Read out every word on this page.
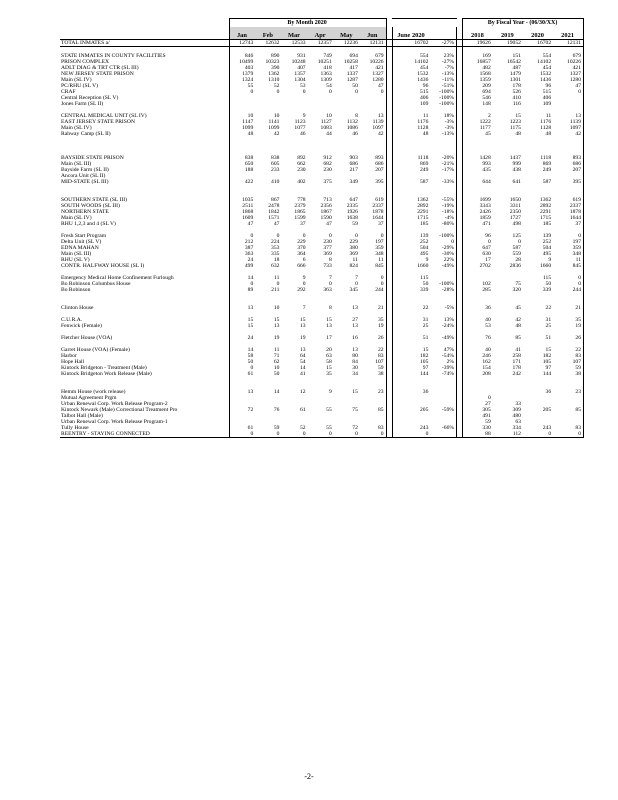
	By Month 2020										By Fiscal Year - (06/30/XX)			
	Jan	Feb	Mar	Apr	May	Jun		June 2020			2018	2019	2020	2021
TOTAL INMATES a/	12743	12632	12533	12357	12236	12131		16702	-27%		19626	19052	16702	12131

STATE INMATES IN COUNTY FACILITIES	846	890	931	749	694	679		554	23%		169	151	554	679
PRISON COMPLEX	10499	10323	10248	10251	10258	10226		14102	-27%		16857	16542	14102	10226
ADLT DIAG & TRT CTR (SL III)	403	390	407	418	417	421		454	-7%		482	487	454	421
NEW JERSEY STATE PRISON	1379	1362	1357	1363	1337	1327		1532	-13%		1568	1479	1532	1327
Main (SL IV)	1324	1310	1304	1309	1287	1280		1436	-11%		1359	1301	1436	1280
PC/RHU (SL V)	55	52	53	54	50	47		96	-51%		209	178	96	47
CRAF	0	0	0	0	0	0		515	-100%		694	526	515	0
Central Reception (SL V)								406	-100%		546	410	406	
Jones Farm (SL II)								109	-100%		148	116	109	

CENTRAL MEDICAL UNIT (SL IV)	10	10	9	10	8	13		11	18%		2	15	11	13
EAST JERSEY STATE PRISON	1147	1141	1123	1127	1132	1139		1176	-3%		1222	1223	1176	1139
Main (SL IV)	1099	1099	1077	1083	1086	1097		1128	-3%		1177	1175	1128	1097
Rahway Camp (SL II)	48	42	46	44	46	42		48	-13%		45	48	48	42

BAYSIDE STATE PRISON	838	838	892	912	903	893		1118	-20%		1428	1437	1118	893
Main (SL III)	650	605	662	682	686	686		869	-21%		993	999	869	686
Bayside Farm (SL II)	188	233	230	230	217	207		249	-17%		435	438	249	207
Ancora Unit (SL II)														
MID-STATE (SL III)	422	410	402	375	349	395		587	-33%		644	641	587	395

SOUTHERN STATE (SL III)	1035	867	778	713	647	619		1362	-55%		1699	1650	1362	619
SOUTH WOODS (SL III)	2511	2478	2379	2356	2335	2337		2892	-19%		3343	3311	2892	2337
NORTHERN STATE	1868	1842	1865	1867	1926	1878		2291	-18%		2426	2350	2291	1878
Main (SL IV)	1609	1571	1599	1590	1638	1644		1715	-4%		1859	1727	1715	1644
RHU 1,2,3 and 4 (SL V)	47	47	37	47	59	37		185	-80%		471	498	185	37

Fresh Start Program	0	0	0	0	0	0		139	-100%		96	125	139	0
Delta Unit (SL V)	212	224	229	230	229	197		252	0		0	0	252	197
EDNA MAHAN	387	353	370	377	380	359		504	-29%		647	587	504	359
Main (SL III)	363	335	364	369	369	348		495	-30%		630	559	495	348
RHU (SL V)	24	18	6	8	11	11		9	22%		17	28	9	11
CONTR. HALFWAY HOUSE (SL I)	499	632	666	733	824	845		1660	-49%		2702	2836	1660	845

Emergency Medical Home Confinement Furlough	14	11	9	7	7	0		115					115	0
Bo Robinson Columbus House	0	0	0	0	0	0		50	-100%		102	75	50	0
Bo Robinson	89	211	292	363	345	244		339	-28%		285	320	339	244

Clinton House	13	10	7	8	13	21		22	-5%		36	45	22	21

C.U.R.A.	15	15	15	15	27	35		31	13%		40	42	31	35
Fenwick (Female)	15	13	13	13	13	19		25	-24%		53	48	25	19

Fletcher House (VOA)	24	19	19	17	16	26		51	-49%		76	85	51	26

Garret House (VOA) (Female)	14	11	13	20	13	22		15	47%		40	41	15	22
Harbor	58	71	64	63	80	83		182	-54%		246	258	182	83
Hope Hall	50	62	54	58	84	107		105	2%		162	171	105	107
Kintock Bridgeton - Treatment (Male)	0	10	14	15	30	59		97	-39%		154	178	97	59
Kintock Bridgeton Work Release (Male)	61	50	41	35	34	38		144	-74%		208	242	144	38

Hemm House (work release)	13	14	12	9	15	23		36					36	23
Mutual Agreement Prgm											0			
Urban Renewal Corp. Work Release Program-2											27	33		
Kintock Newark (Male) Correctional Treatment Pro	72	76	61	55	75	85		205	-59%		305	309	205	85
Talbot Hall (Male)											491	480		
Urban Renewal Corp. Work Release Program-1											59	63		
Tully House	61	59	52	55	72	83		243	-66%		330	334	243	83
REENTRY - STAYING CONNECTED	0	0	0	0	0	0		0			88	112	0	0
-2-
